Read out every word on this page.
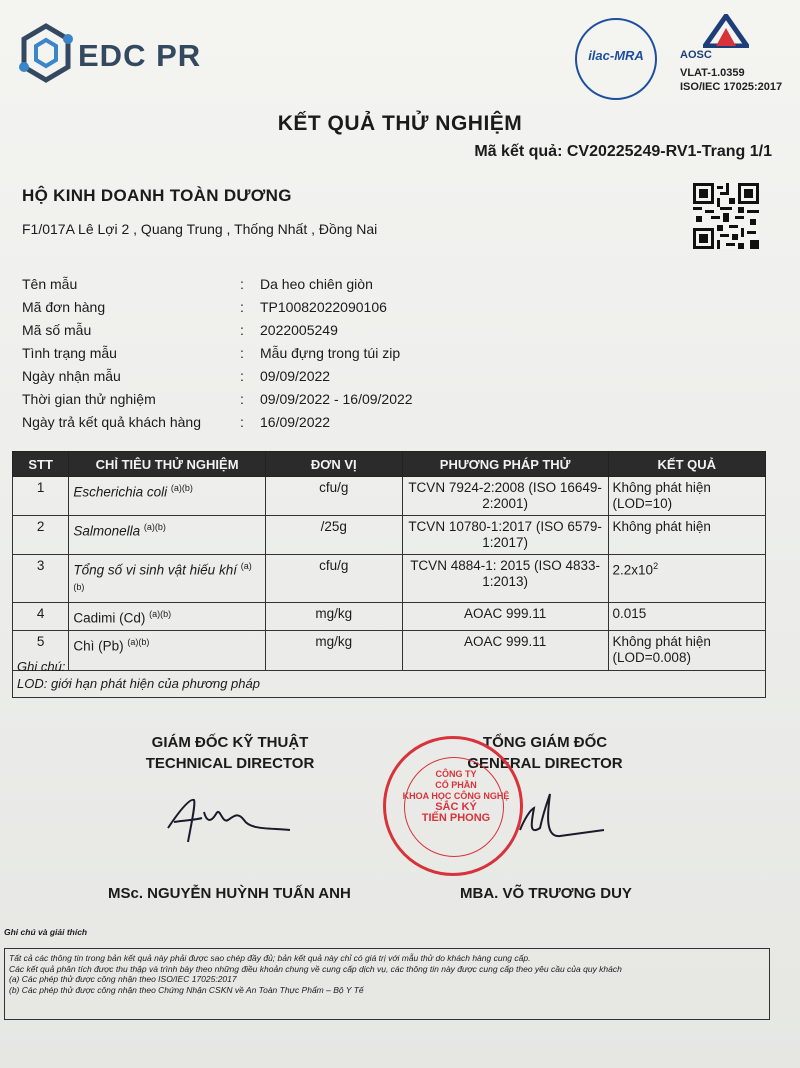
EDC PR	ilac-MRA	AOSC
VLAT-1.0359
ISO/IEC 17025:2017
KẾT QUẢ THỬ NGHIỆM
Mã kết quả: CV20225249-RV1-Trang 1/1
HỘ KINH DOANH TOÀN DƯƠNG
F1/017A Lê Lợi 2 , Quang Trung , Thống Nhất , Đồng Nai
Tên mẫu	:	Da heo chiên giòn
Mã đơn hàng	:	TP10082022090106
Mã số mẫu	:	2022005249
Tình trạng mẫu	:	Mẫu đựng trong túi zip
Ngày nhận mẫu	:	09/09/2022
Thời gian thử nghiệm	:	09/09/2022 - 16/09/2022
Ngày trả kết quả khách hàng	:	16/09/2022
STT	CHỈ TIÊU THỬ NGHIỆM	ĐƠN VỊ	PHƯƠNG PHÁP THỬ	KẾT QUẢ
1	Escherichia coli $^{(a)(b)}$	cfu/g	TCVN 7924-2:2008 (ISO 16649-2:2001)	Không phát hiện (LOD=10)
2	Salmonella $^{(a)(b)}$	/25g	TCVN 10780-1:2017 (ISO 6579-1:2017)	Không phát hiện
3	Tổng số vi sinh vật hiếu khí $^{(a) (b)}$	cfu/g	TCVN 4884-1: 2015 (ISO 4833-1:2013)	$2.2x10^2$
4	Cadimi (Cd) $^{(a)(b)}$	mg/kg	AOAC 999.11	0.015
5	Chì (Pb) $^{(a)(b)}$	mg/kg	AOAC 999.11	Không phát hiện (LOD=0.008)
Ghi chú:
LOD: giới hạn phát hiện của phương pháp
GIÁM ĐỐC KỸ THUẬT
TECHNICAL DIRECTOR
TỔNG GIÁM ĐỐC
GENERAL DIRECTOR
CÔNG TY
CỔ PHẦN
KHOA HỌC CÔNG NGHỆ
SẮC KÝ
TIẾN PHONG
MSc. NGUYỄN HUỲNH TUẤN ANH	MBA. VÕ TRƯƠNG DUY
Ghi chú và giải thích
Tất cả các thông tin trong bản kết quả này phải được sao chép đầy đủ; bản kết quả này chỉ có giá trị với mẫu thử do khách hàng cung cấp.
Các kết quả phân tích được thu thập và trình bày theo những điều khoản chung về cung cấp dịch vụ, các thông tin này được cung cấp theo yêu cầu của quy khách
(a) Các phép thử được công nhận theo ISO/IEC 17025:2017
(b) Các phép thử được công nhận theo Chứng Nhận CSKN về An Toàn Thực Phẩm – Bộ Y Tế
